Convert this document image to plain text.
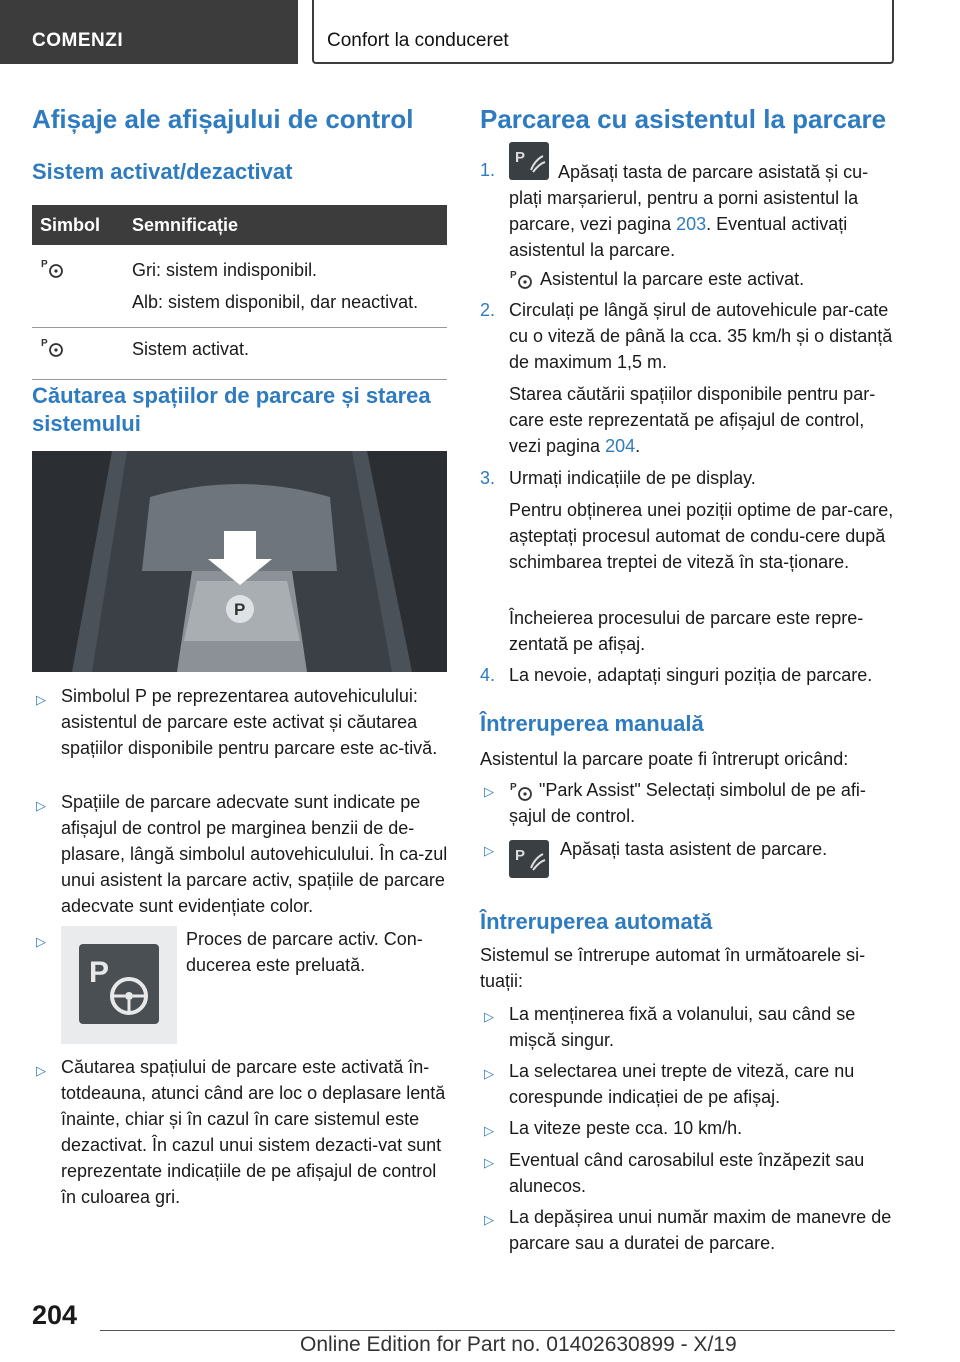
COMENZI	Confort la conduceret
Afișaje ale afișajului de control
Sistem activat/dezactivat
Simbol	Semnificație

P	Gri: sistem indisponibil.
Alb: sistem disponibil, dar neactivat.

P	Sistem activat.
Căutarea spațiilor de parcare și starea sistemului
P
▷ Simbolul P pe reprezentarea autovehiculului: asistentul de parcare este activat și căutarea spațiilor disponibile pentru parcare este ac-tivă.
▷ Spațiile de parcare adecvate sunt indicate pe afișajul de control pe marginea benzii de de-plasare, lângă simbolul autovehiculului. În ca-zul unui asistent la parcare activ, spațiile de parcare adecvate sunt evidențiate color.
▷
P
Proces de parcare activ. Con-ducerea este preluată.
▷ Căutarea spațiului de parcare este activată în-totdeauna, atunci când are loc o deplasare lentă înainte, chiar și în cazul în care sistemul este dezactivat. În cazul unui sistem dezacti-vat sunt reprezentate indicațiile de pe afișajul de control în culoarea gri.
Parcarea cu asistentul la parcare
1.
P
Apăsați tasta de parcare asistată și cu-
plați marșarierul, pentru a porni asistentul la parcare, vezi pagina 203. Eventual activați asistentul la parcare.
P Asistentul la parcare este activat.
2. Circulați pe lângă șirul de autovehicule par-cate cu o viteză de până la cca. 35 km/h și o distanță de maximum 1,5 m.
Starea căutării spațiilor disponibile pentru par-care este reprezentată pe afișajul de control, vezi pagina 204.
3. Urmați indicațiile de pe display.
Pentru obținerea unei poziții optime de par-care, așteptați procesul automat de condu-cere după schimbarea treptei de viteză în sta-ționare.
Încheierea procesului de parcare este repre-zentată pe afișaj.
4. La nevoie, adaptați singuri poziția de parcare.
Întreruperea manuală
Asistentul la parcare poate fi întrerupt oricând:
▷ P	"Park Assist" Selectați simbolul de pe afi-șajul de control.
▷ P Apăsați tasta asistent de parcare.
Întreruperea automată
Sistemul se întrerupe automat în următoarele si-tuații:
▷ La menținerea fixă a volanului, sau când se mișcă singur.
▷ La selectarea unei trepte de viteză, care nu corespunde indicației de pe afișaj.
▷ La viteze peste cca. 10 km/h.
▷ Eventual când carosabilul este înzăpezit sau alunecos.
▷ La depășirea unui număr maxim de manevre de parcare sau a duratei de parcare.
204
Online Edition for Part no. 01402630899 - X/19
